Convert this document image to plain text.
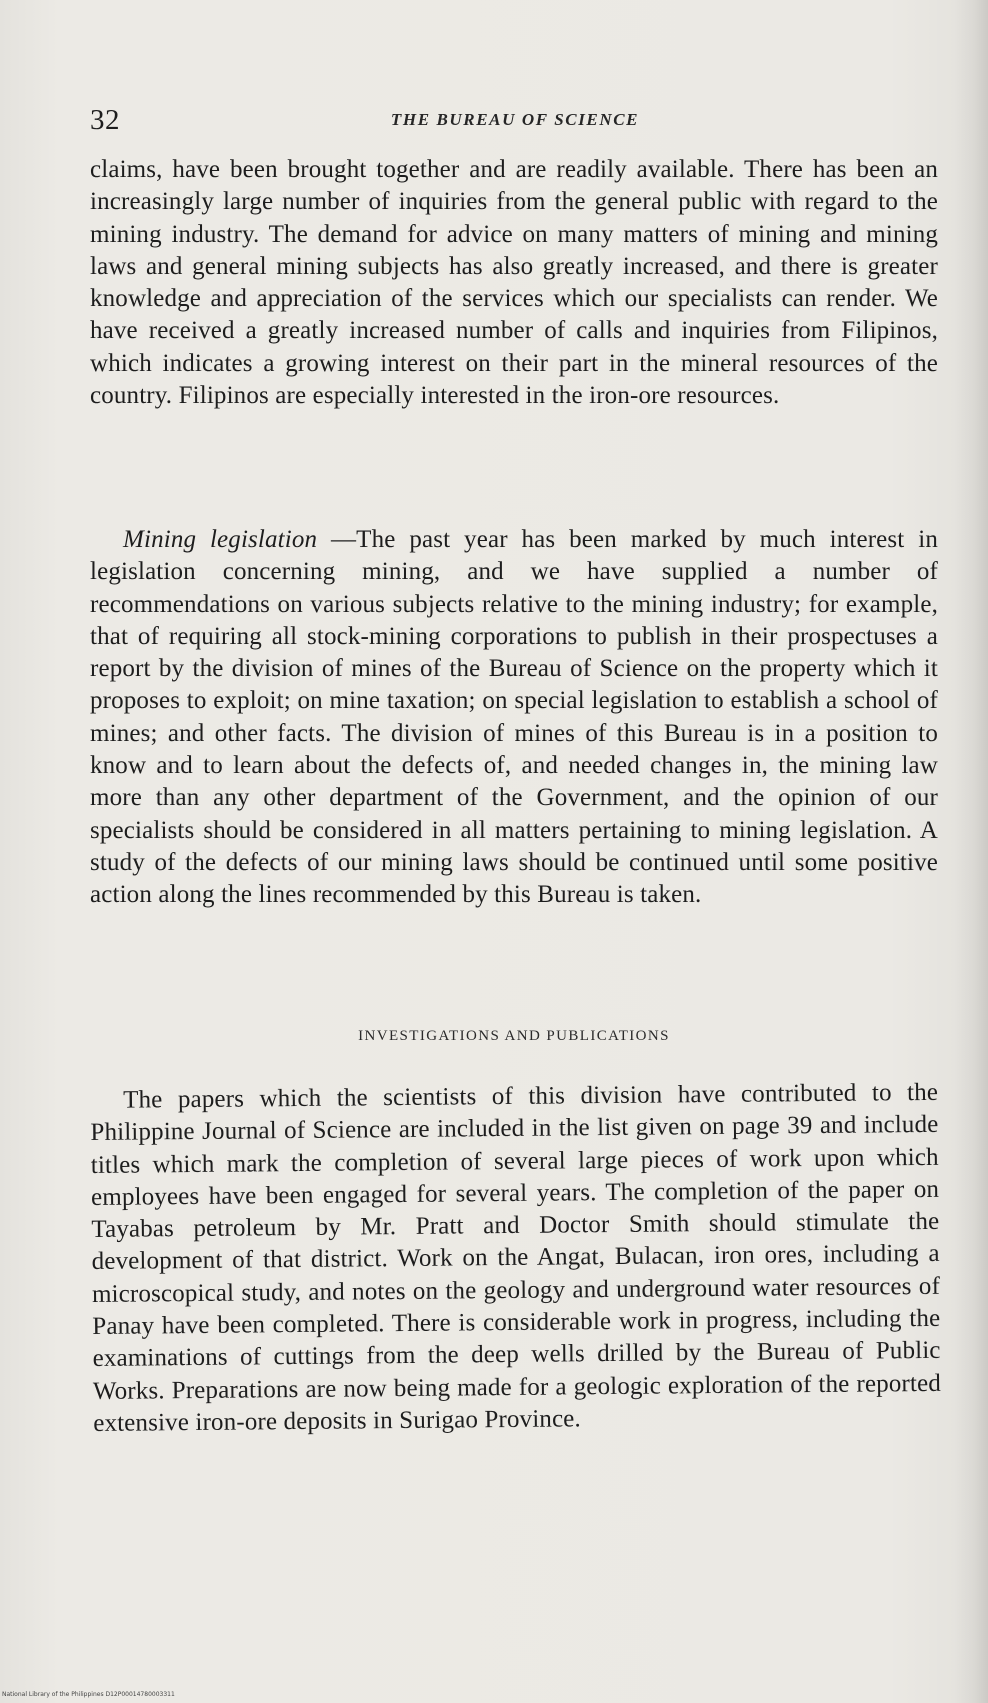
32	THE BUREAU OF SCIENCE

claims, have been brought together and are readily available. There has been an increasingly large number of inquiries from the general public with regard to the mining industry. The demand for advice on many matters of mining and mining laws and general mining subjects has also greatly increased, and there is greater knowledge and appreciation of the services which our specialists can render. We have received a greatly increased number of calls and inquiries from Filipinos, which indicates a growing interest on their part in the mineral resources of the country. Filipinos are especially interested in the iron-ore resources.

Mining legislation —The past year has been marked by much interest in legislation concerning mining, and we have supplied a number of recommendations on various subjects relative to the mining industry; for example, that of requiring all stock-mining corporations to publish in their prospectuses a report by the division of mines of the Bureau of Science on the property which it proposes to exploit; on mine taxation; on special legislation to establish a school of mines; and other facts. The division of mines of this Bureau is in a position to know and to learn about the defects of, and needed changes in, the mining law more than any other department of the Government, and the opinion of our specialists should be considered in all matters pertaining to mining legislation. A study of the defects of our mining laws should be continued until some positive action along the lines recommended by this Bureau is taken.

INVESTIGATIONS AND PUBLICATIONS

The papers which the scientists of this division have contributed to the Philippine Journal of Science are included in the list given on page 39 and include titles which mark the completion of several large pieces of work upon which employees have been engaged for several years. The completion of the paper on Tayabas petroleum by Mr. Pratt and Doctor Smith should stimulate the development of that district. Work on the Angat, Bulacan, iron ores, including a microscopical study, and notes on the geology and underground water resources of Panay have been completed. There is considerable work in progress, including the examinations of cuttings from the deep wells drilled by the Bureau of Public Works. Preparations are now being made for a geologic exploration of the reported extensive iron-ore deposits in Surigao Province.

National Library of the Philippines D12P00014780003311
